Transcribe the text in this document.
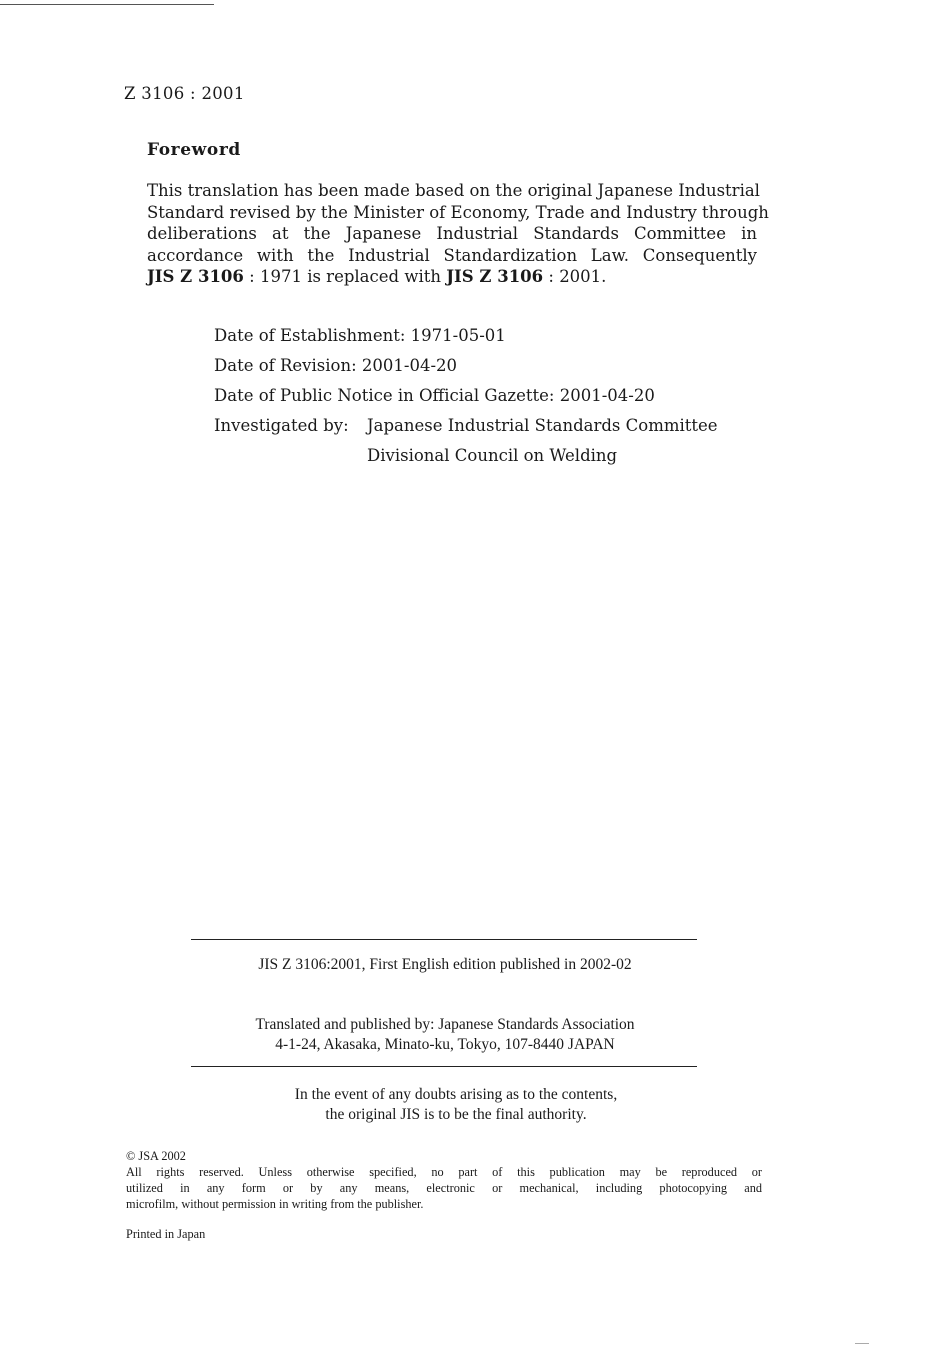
Z 3106 : 2001
Foreword
This translation has been made based on the original Japanese Industrial
Standard revised by the Minister of Economy, Trade and Industry through
deliberations at the Japanese Industrial Standards Committee in
accordance with the Industrial Standardization Law. Consequently
JIS Z 3106 : 1971 is replaced with JIS Z 3106 : 2001.
Date of Establishment: 1971-05-01
Date of Revision: 2001-04-20
Date of Public Notice in Official Gazette: 2001-04-20
Investigated by: Japanese Industrial Standards Committee
Divisional Council on Welding
JIS Z 3106:2001, First English edition published in 2002-02
Translated and published by: Japanese Standards Association
4-1-24, Akasaka, Minato-ku, Tokyo, 107-8440 JAPAN
In the event of any doubts arising as to the contents,
the original JIS is to be the final authority.
© JSA 2002
All rights reserved. Unless otherwise specified, no part of this publication may be reproduced or
utilized in any form or by any means, electronic or mechanical, including photocopying and
microfilm, without permission in writing from the publisher.
Printed in Japan
